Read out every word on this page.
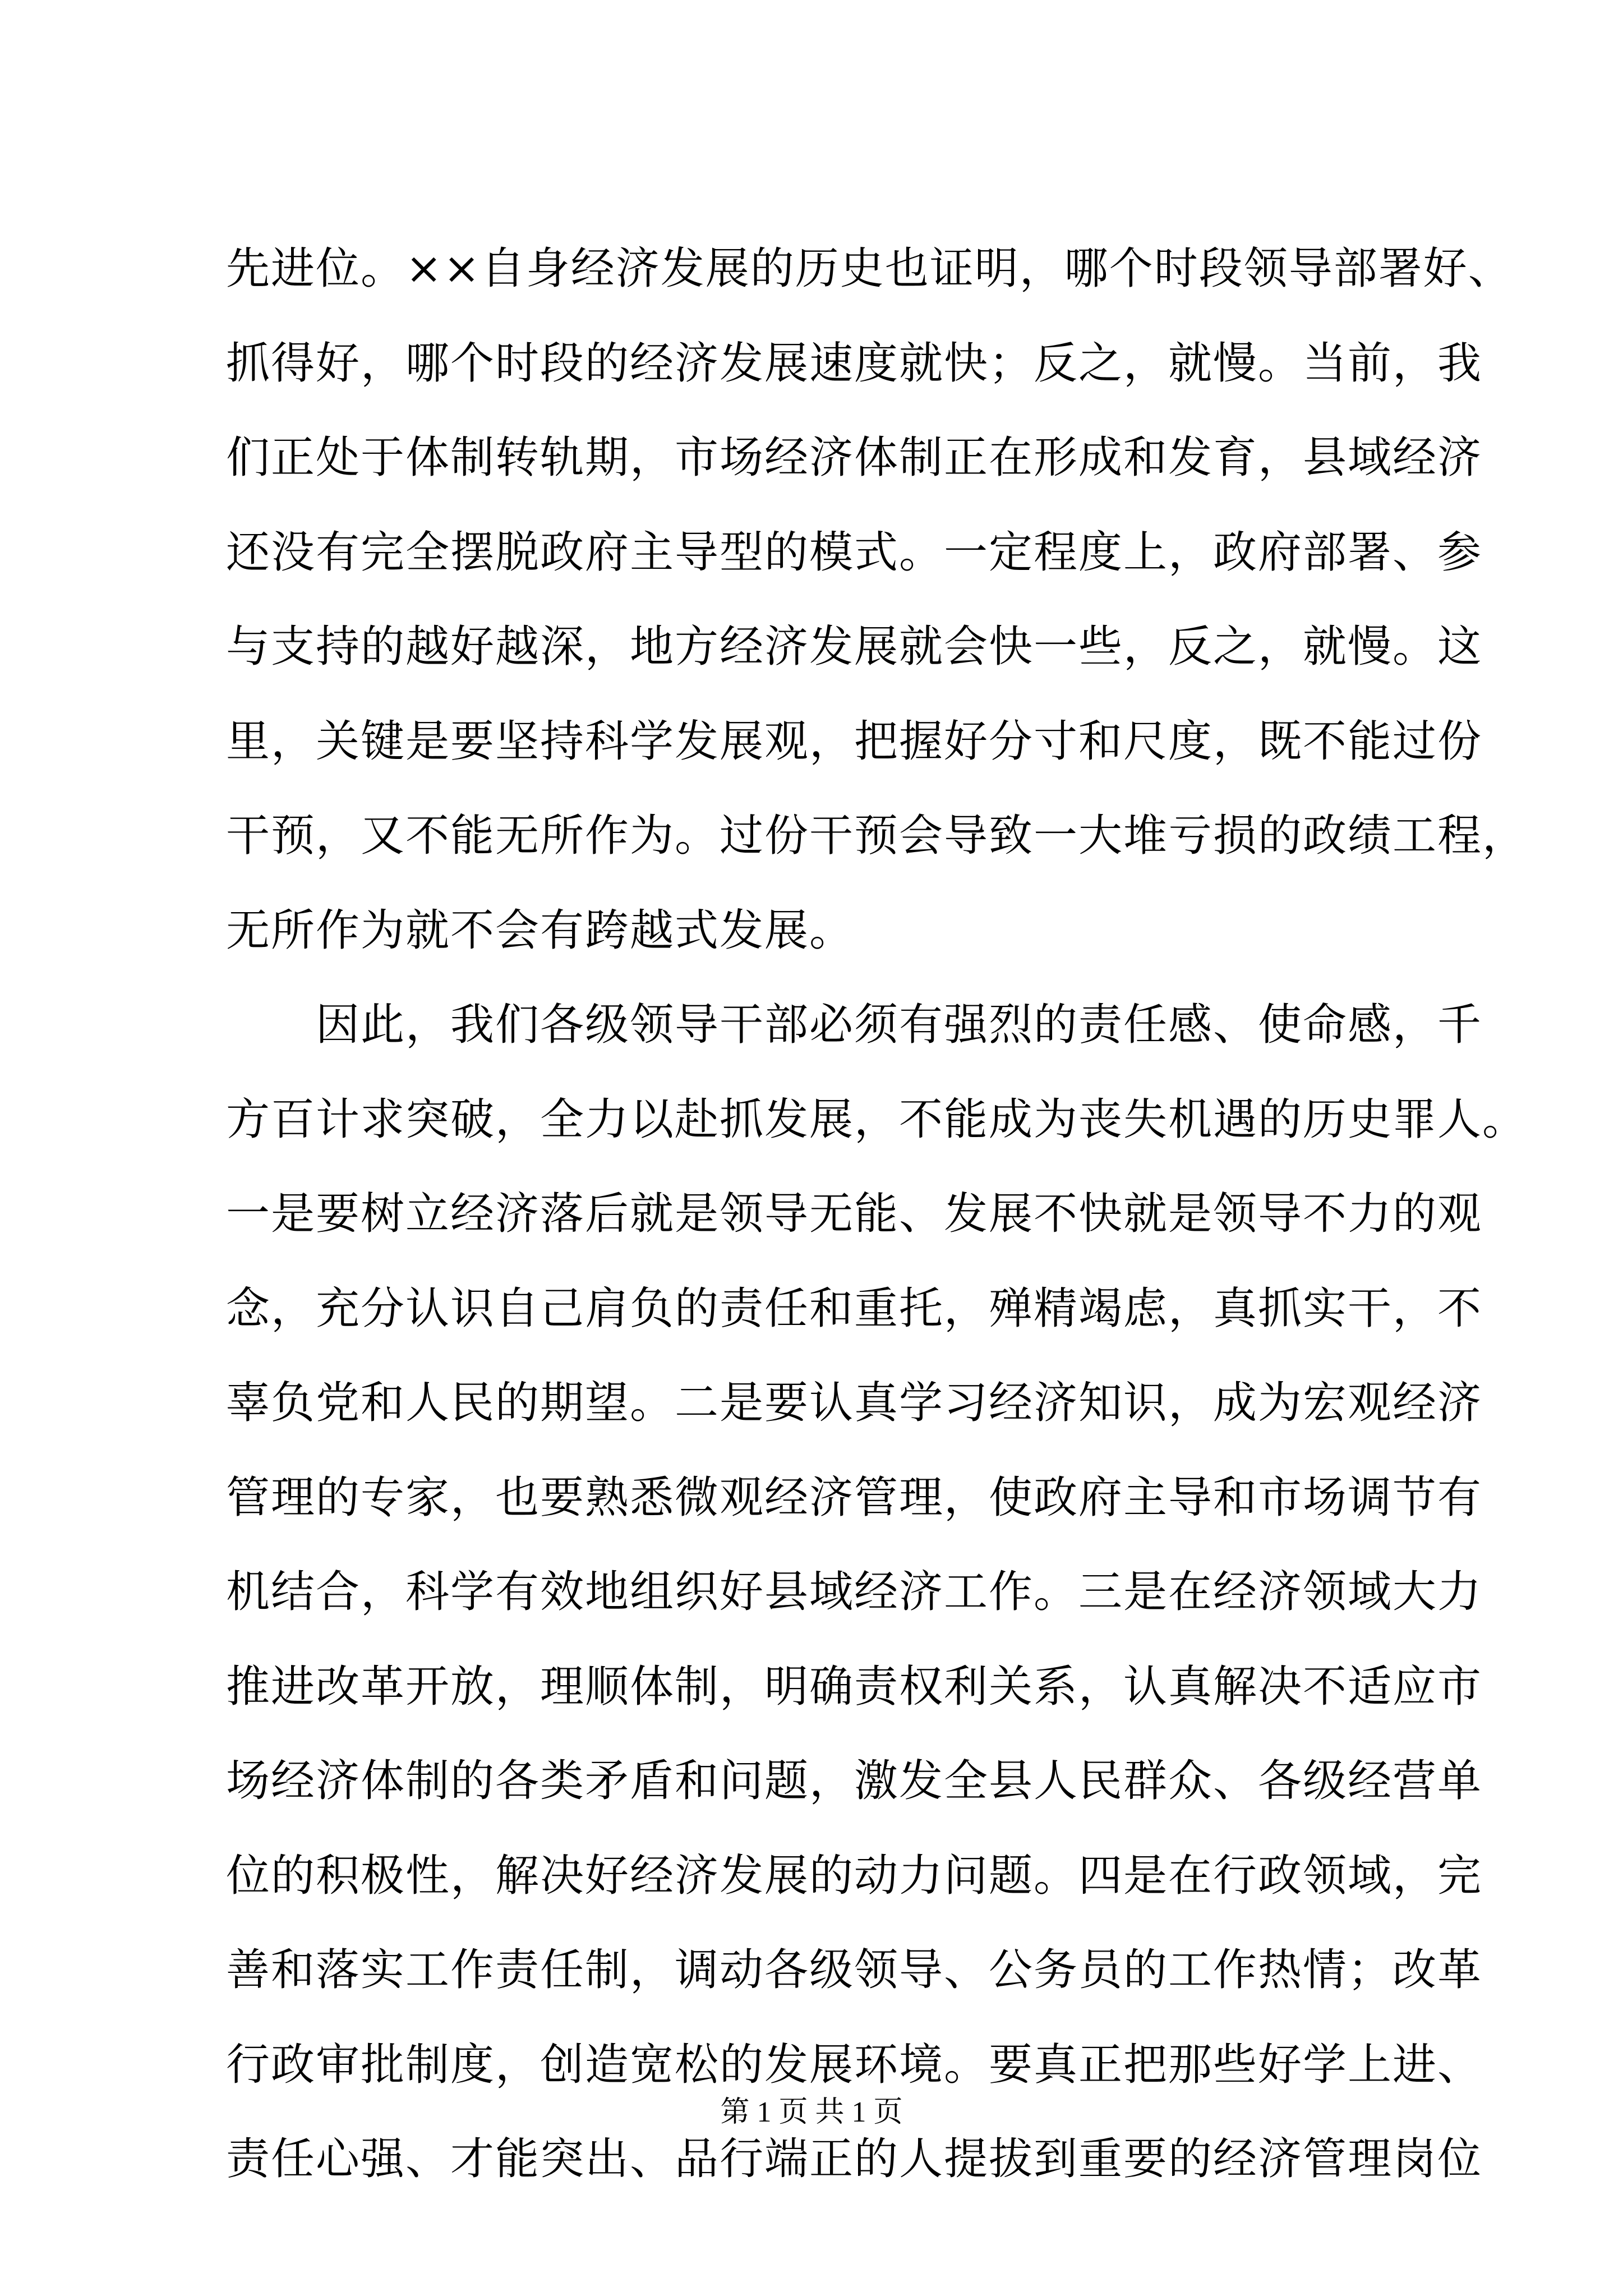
先进位。××自身经济发展的历史也证明，哪个时段领导部署好、
抓得好，哪个时段的经济发展速度就快；反之，就慢。当前，我
们正处于体制转轨期，市场经济体制正在形成和发育，县域经济
还没有完全摆脱政府主导型的模式。一定程度上，政府部署、参
与支持的越好越深，地方经济发展就会快一些，反之，就慢。这
里，关键是要坚持科学发展观，把握好分寸和尺度，既不能过份
干预，又不能无所作为。过份干预会导致一大堆亏损的政绩工程，
无所作为就不会有跨越式发展。
　　因此，我们各级领导干部必须有强烈的责任感、使命感，千
方百计求突破，全力以赴抓发展，不能成为丧失机遇的历史罪人。
一是要树立经济落后就是领导无能、发展不快就是领导不力的观
念，充分认识自己肩负的责任和重托，殚精竭虑，真抓实干，不
辜负党和人民的期望。二是要认真学习经济知识，成为宏观经济
管理的专家，也要熟悉微观经济管理，使政府主导和市场调节有
机结合，科学有效地组织好县域经济工作。三是在经济领域大力
推进改革开放，理顺体制，明确责权利关系，认真解决不适应市
场经济体制的各类矛盾和问题，激发全县人民群众、各级经营单
位的积极性，解决好经济发展的动力问题。四是在行政领域，完
善和落实工作责任制，调动各级领导、公务员的工作热情；改革
行政审批制度，创造宽松的发展环境。要真正把那些好学上进、
责任心强、才能突出、品行端正的人提拔到重要的经济管理岗位
第 1 页 共 1 页
